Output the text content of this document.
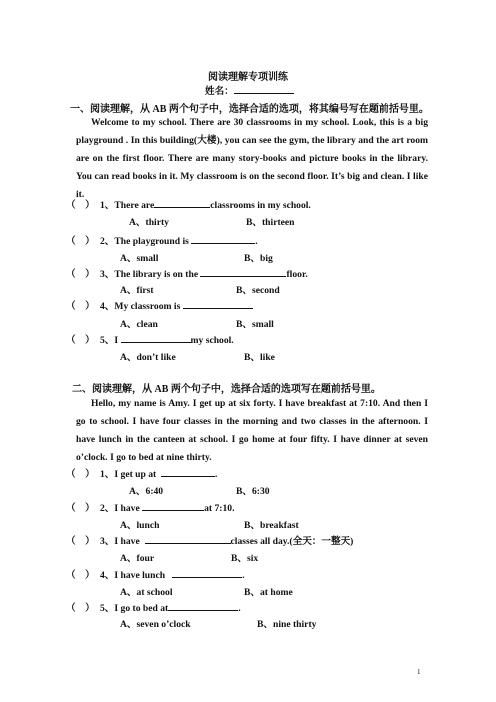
阅读理解专项训练
姓名：
一、阅读理解，从 AB 两个句子中，选择合适的选项，将其编号写在题前括号里。
Welcome to my school. There are 30 classrooms in my school. Look, this is a big playground . In this building(大楼), you can see the gym, the library and the art room are on the first floor. There are many story-books and picture books in the library. You can read books in it. My classroom is on the second floor. It’s big and clean. I like it.
（　） 1、There are	classrooms in my school.
A、thirty	B、thirteen
（　） 2、The playground is	.
A、small	B、big
（　） 3、The library is on the	floor.
A、first	B、second
（　） 4、My classroom is
A、clean	B、small
（　） 5、I	my school.
A、don’t like	B、like
二、阅读理解，从 AB 两个句子中，选择合适的选项写在题前括号里。
Hello, my name is Amy. I get up at six forty. I have breakfast at 7:10. And then I go to school. I have four classes in the morning and two classes in the afternoon. I have lunch in the canteen at school. I go home at four fifty. I have dinner at seven o’clock. I go to bed at nine thirty.
（　） 1、I get up at	.
A、6:40	B、6:30
（　） 2、I have	at 7:10.
A、lunch	B、breakfast
（　） 3、I have	classes all day.(全天：一整天)
A、four	B、six
（　） 4、I have lunch	.
A、at school	B、at home
（　） 5、I go to bed at	.
A、seven o’clock	B、nine thirty
1
